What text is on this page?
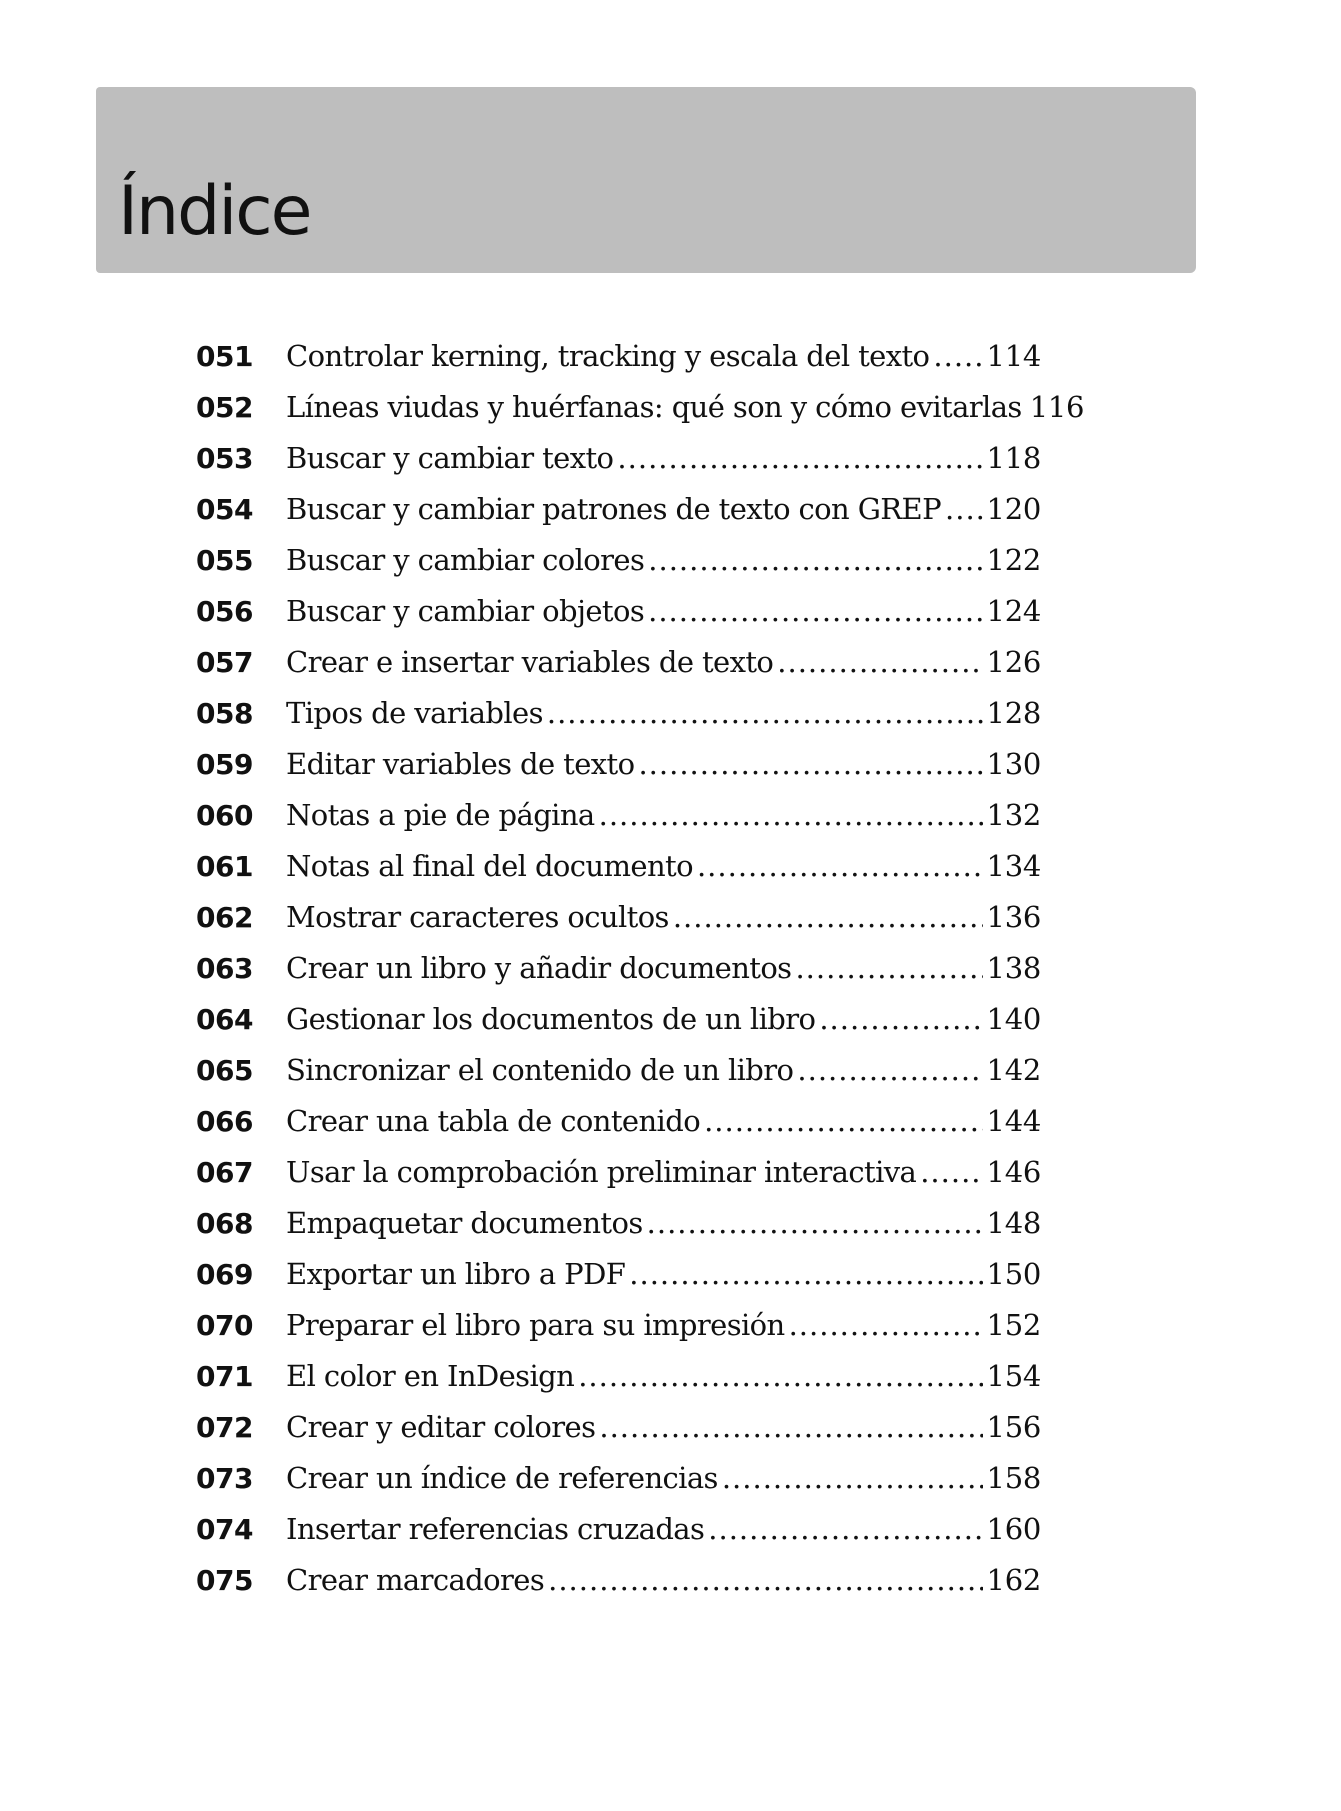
Índice
051	Controlar kerning, tracking y escala del texto ..... 114
052	Líneas viudas y huérfanas: qué son y cómo evitarlas 116
053	Buscar y cambiar texto .....	118
054	Buscar y cambiar patrones de texto con GREP ..... 120
055	Buscar y cambiar colores .....	122
056	Buscar y cambiar objetos .....	124
057	Crear e insertar variables de texto .....	126
058	Tipos de variables .....	128
059	Editar variables de texto .....	130
060	Notas a pie de página .....	132
061	Notas al final del documento .....	134
062	Mostrar caracteres ocultos .....	136
063	Crear un libro y añadir documentos .....	138
064	Gestionar los documentos de un libro .....	140
065	Sincronizar el contenido de un libro .....	142
066	Crear una tabla de contenido .....	144
067	Usar la comprobación preliminar interactiva ..... 146
068	Empaquetar documentos .....	148
069	Exportar un libro a PDF .....	150
070	Preparar el libro para su impresión .....	152
071	El color en InDesign .....	154
072	Crear y editar colores .....	156
073	Crear un índice de referencias .....	158
074	Insertar referencias cruzadas .....	160
075	Crear marcadores .....	162
